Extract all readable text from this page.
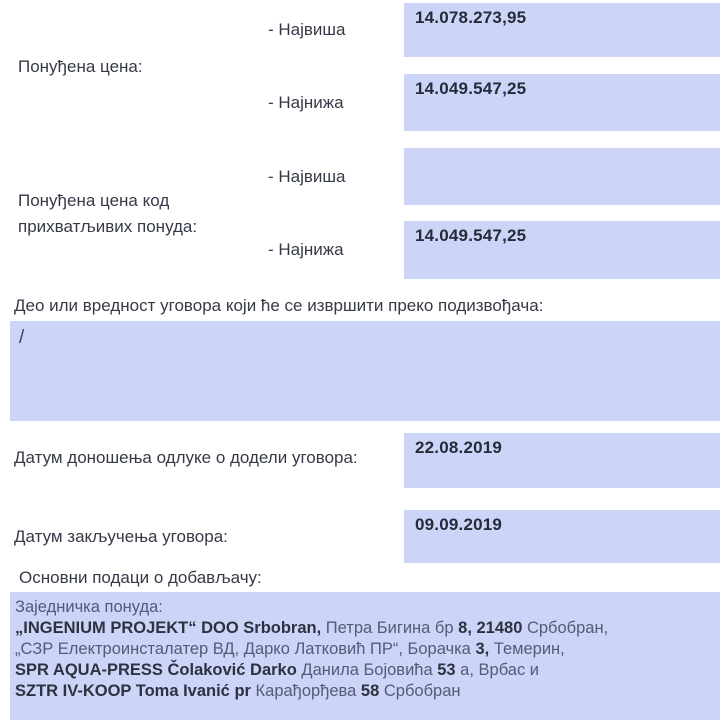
Понуђена цена:
- Највиша
14.078.273,95
- Најнижа
14.049.547,25
Понуђена цена код
прихватљивих понуда:
- Највиша
- Најнижа
14.049.547,25
Део или вредност уговора који ће се извршити преко подизвођача:
/
Датум доношења одлуке о додели уговора:
22.08.2019
Датум закључења уговора:
09.09.2019
Основни подаци о добављачу:
Заједничка понуда:
„INGENIUM PROJEKT“ DOO Srbobran, Петра Бигина бр 8, 21480 Србобран,
„СЗР Електроинсталатер ВД, Дарко Латковић ПР“, Борачка 3, Темерин,
SPR AQUA-PRESS Čolaković Darko Данила Бојовића 53 а, Врбас и
SZTR IV-KOOP Toma Ivanić pr Карађорђева 58 Србобран
